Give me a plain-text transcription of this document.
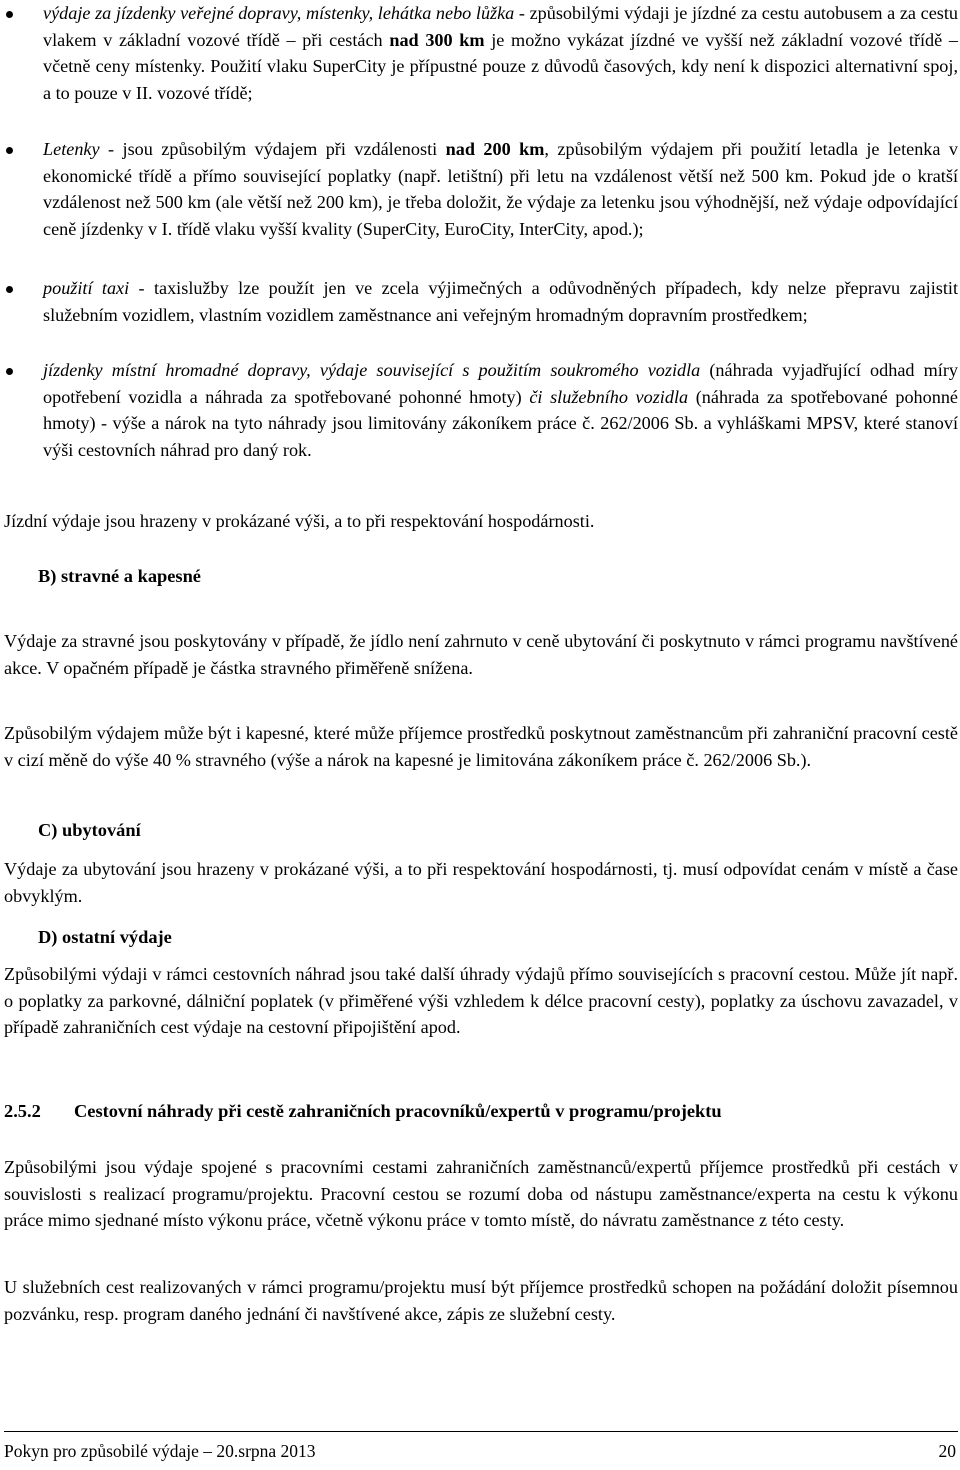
výdaje za jízdenky veřejné dopravy, místenky, lehátka nebo lůžka - způsobilými výdaji je jízdné za cestu autobusem a za cestu vlakem v základní vozové třídě – při cestách nad 300 km je možno vykázat jízdné ve vyšší než základní vozové třídě – včetně ceny místenky. Použití vlaku SuperCity je přípustné pouze z důvodů časových, kdy není k dispozici alternativní spoj, a to pouze v II. vozové třídě;
Letenky - jsou způsobilým výdajem při vzdálenosti nad 200 km, způsobilým výdajem při použití letadla je letenka v ekonomické třídě a přímo související poplatky (např. letištní) při letu na vzdálenost větší než 500 km. Pokud jde o kratší vzdálenost než 500 km (ale větší než 200 km), je třeba doložit, že výdaje za letenku jsou výhodnější, než výdaje odpovídající ceně jízdenky v I. třídě vlaku vyšší kvality (SuperCity, EuroCity, InterCity, apod.);
použití taxi - taxislužby lze použít jen ve zcela výjimečných a odůvodněných případech, kdy nelze přepravu zajistit služebním vozidlem, vlastním vozidlem zaměstnance ani veřejným hromadným dopravním prostředkem;
jízdenky místní hromadné dopravy, výdaje související s použitím soukromého vozidla (náhrada vyjadřující odhad míry opotřebení vozidla a náhrada za spotřebované pohonné hmoty) či služebního vozidla (náhrada za spotřebované pohonné hmoty) - výše a nárok na tyto náhrady jsou limitovány zákoníkem práce č. 262/2006 Sb. a vyhláškami MPSV, které stanoví výši cestovních náhrad pro daný rok.

Jízdní výdaje jsou hrazeny v prokázané výši, a to při respektování hospodárnosti.

B) stravné a kapesné

Výdaje za stravné jsou poskytovány v případě, že jídlo není zahrnuto v ceně ubytování či poskytnuto v rámci programu navštívené akce. V opačném případě je částka stravného přiměřeně snížena.

Způsobilým výdajem může být i kapesné, které může příjemce prostředků poskytnout zaměstnancům při zahraniční pracovní cestě v cizí měně do výše 40 % stravného (výše a nárok na kapesné je limitována zákoníkem práce č. 262/2006 Sb.).

C) ubytování

Výdaje za ubytování jsou hrazeny v prokázané výši, a to při respektování hospodárnosti, tj. musí odpovídat cenám v místě a čase obvyklým.

D) ostatní výdaje

Způsobilými výdaji v rámci cestovních náhrad jsou také další úhrady výdajů přímo souvisejících s pracovní cestou. Může jít např. o poplatky za parkovné, dálniční poplatek (v přiměřené výši vzhledem k délce pracovní cesty), poplatky za úschovu zavazadel, v případě zahraničních cest výdaje na cestovní připojištění apod.

2.5.2 Cestovní náhrady při cestě zahraničních pracovníků/expertů v programu/projektu

Způsobilými jsou výdaje spojené s pracovními cestami zahraničních zaměstnanců/expertů příjemce prostředků při cestách v souvislosti s realizací programu/projektu. Pracovní cestou se rozumí doba od nástupu zaměstnance/experta na cestu k výkonu práce mimo sjednané místo výkonu práce, včetně výkonu práce v tomto místě, do návratu zaměstnance z této cesty.

U služebních cest realizovaných v rámci programu/projektu musí být příjemce prostředků schopen na požádání doložit písemnou pozvánku, resp. program daného jednání či navštívené akce, zápis ze služební cesty.

Pokyn pro způsobilé výdaje – 20.srpna 2013	20
